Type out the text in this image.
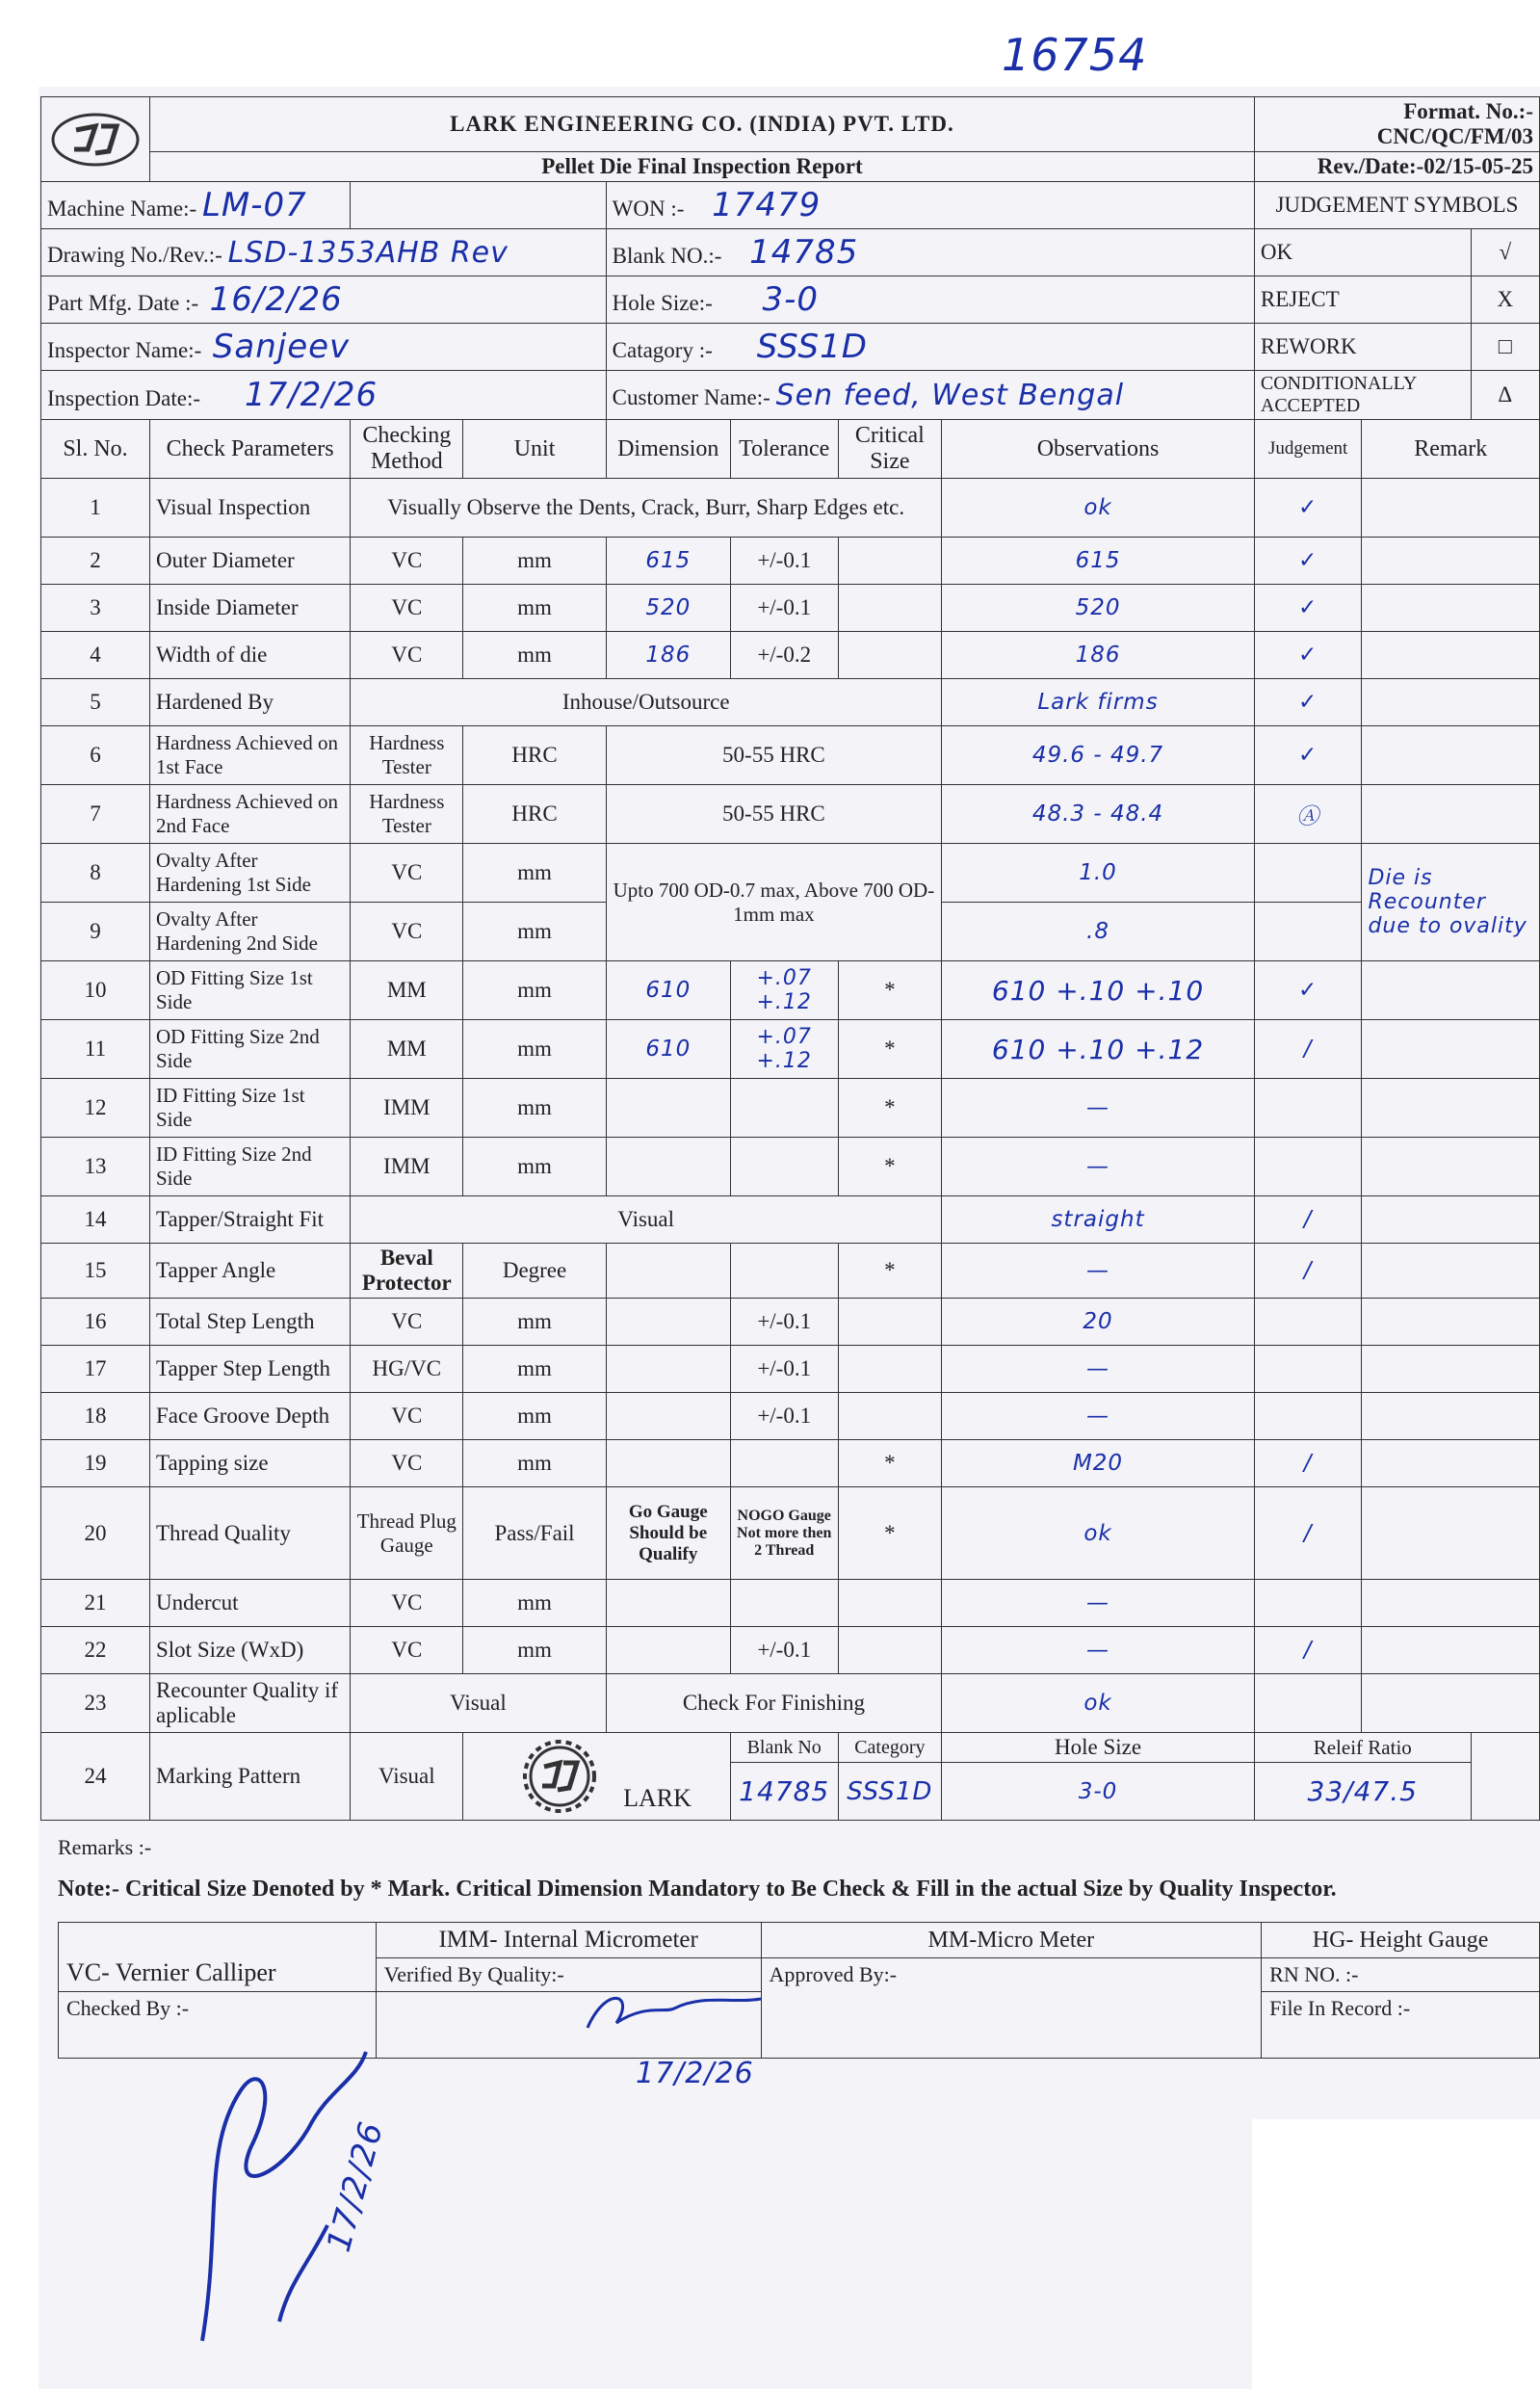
16754
	LARK ENGINEERING CO. (INDIA) PVT. LTD.							Format. No.:-CNC/QC/FM/03		
	Pellet Die Final Inspection Report							Rev./Date:-02/15-05-25		
Machine Name:- LM-07				WON :- 17479				JUDGEMENT SYMBOLS		
Drawing No./Rev.:- LSD-1353AHB Rev				Blank NO.:- 14785				OK		√
Part Mfg. Date :- 16/2/26				Hole Size:- 3-0				REJECT		X
Inspector Name:- Sanjeev				Catagory :- SSS1D				REWORK		□
Inspection Date:- 17/2/26				Customer Name:- Sen feed, West Bengal				CONDITIONALLY ACCEPTED		Δ
Sl. No.	Check Parameters	Checking Method	Unit	Dimension	Tolerance	Critical Size	Observations	Judgement	Remark	
1	Visual Inspection	Visually Observe the Dents, Crack, Burr, Sharp Edges etc.					ok	✓		
2	Outer Diameter	VC	mm	615	+/-0.1		615	✓		
3	Inside Diameter	VC	mm	520	+/-0.1		520	✓		
4	Width of die	VC	mm	186	+/-0.2		186	✓		
5	Hardened By	Inhouse/Outsource					Lark firms	✓		
6	Hardness Achieved on 1st Face	Hardness Tester	HRC	50-55 HRC			49.6 - 49.7	✓		
7	Hardness Achieved on 2nd Face	Hardness Tester	HRC	50-55 HRC			48.3 - 48.4	Ⓐ		
8	Ovalty After Hardening 1st Side	VC	mm	Upto 700 OD-0.7 max, Above 700 OD-1mm max			1.0		Die is Recounter due to ovality	
9	Ovalty After Hardening 2nd Side	VC	mm				.8			
10	OD Fitting Size 1st Side	MM	mm	610	+.07 +.12	*	610 +.10 +.10	✓		
11	OD Fitting Size 2nd Side	MM	mm	610	+.07 +.12	*	610 +.10 +.12	/		
12	ID Fitting Size 1st Side	IMM	mm			*	—			
13	ID Fitting Size 2nd Side	IMM	mm			*	—			
14	Tapper/Straight Fit	Visual					straight	/		
15	Tapper Angle	Beval Protector	Degree			*	—	/		
16	Total Step Length	VC	mm		+/-0.1		20			
17	Tapper Step Length	HG/VC	mm		+/-0.1		—			
18	Face Groove Depth	VC	mm		+/-0.1		—			
19	Tapping size	VC	mm			*	M20	/		
20	Thread Quality	Thread Plug Gauge	Pass/Fail	Go Gauge Should be Qualify	NOGO Gauge Not more then 2 Thread	*	ok	/		
21	Undercut	VC	mm				—			
22	Slot Size (WxD)	VC	mm		+/-0.1		—	/		
23	Recounter Quality if aplicable	Visual		Check For Finishing			ok			
24	Marking Pattern	Visual	LARK		Blank No	Category	Hole Size	Releif Ratio		
					14785	SSS1D	3-0	33/47.5		
Remarks :-
Note:- Critical Size Denoted by * Mark. Critical Dimension Mandatory to Be Check & Fill in the actual Size by Quality Inspector.
VC- Vernier Calliper	IMM- Internal Micrometer	MM-Micro Meter	HG- Height Gauge
	Verified By Quality:-	Approved By:-	RN NO. :-
Checked By :-			File In Record :-

17/2/26
17/2/26
